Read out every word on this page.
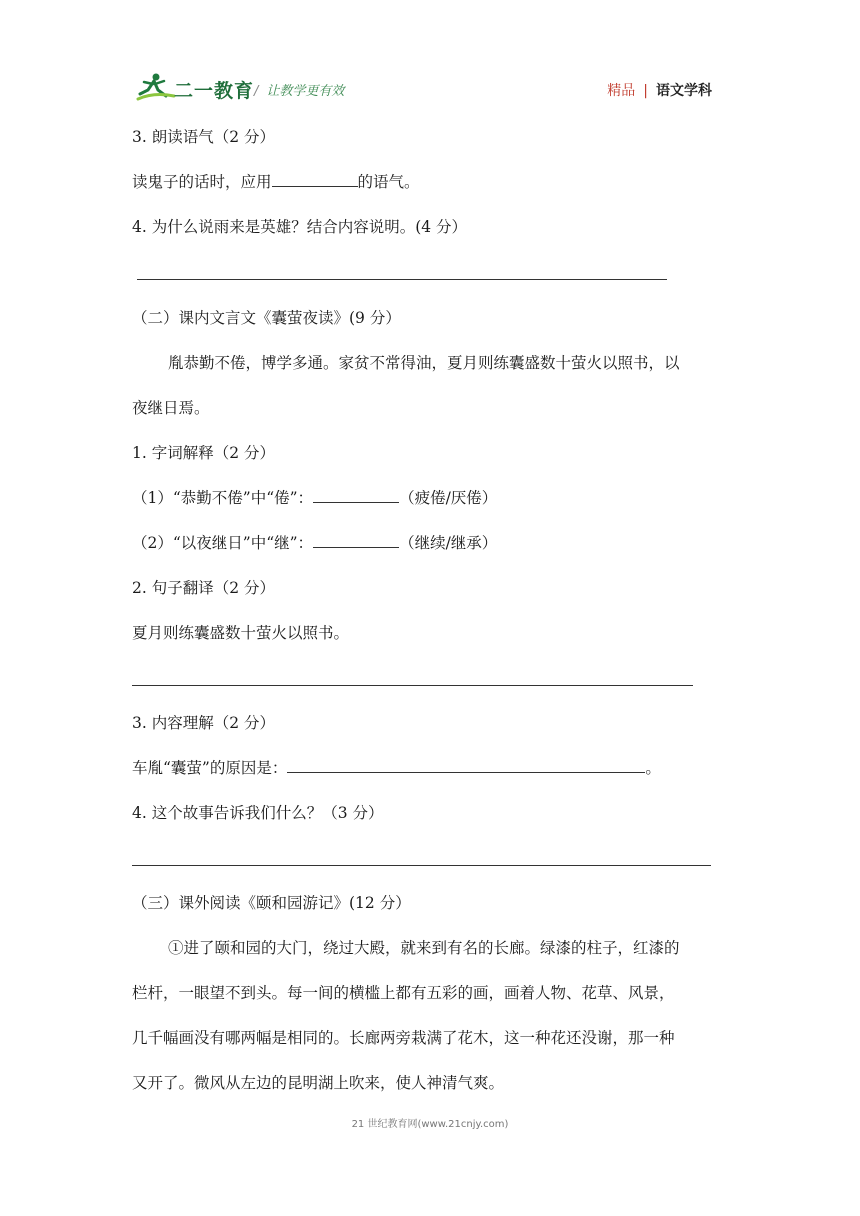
二一教育 / 让教学更有效	精品 | 语文学科
3. 朗读语气（2 分）
读鬼子的话时，应用	的语气。
4. 为什么说雨来是英雄？结合内容说明。(4 分）
（二）课内文言文《囊萤夜读》(9 分）
胤恭勤不倦，博学多通。家贫不常得油，夏月则练囊盛数十萤火以照书，以
夜继日焉。
1. 字词解释（2 分）
（1）“恭勤不倦”中“倦”：	（疲倦/厌倦）
（2）“以夜继日”中“继”：	（继续/继承）
2. 句子翻译（2 分）
夏月则练囊盛数十萤火以照书。
3. 内容理解（2 分）
车胤“囊萤”的原因是：	。
4. 这个故事告诉我们什么？（3 分）
（三）课外阅读《颐和园游记》(12 分）
①进了颐和园的大门，绕过大殿，就来到有名的长廊。绿漆的柱子，红漆的
栏杆，一眼望不到头。每一间的横槛上都有五彩的画，画着人物、花草、风景，
几千幅画没有哪两幅是相同的。长廊两旁栽满了花木，这一种花还没谢，那一种
又开了。微风从左边的昆明湖上吹来，使人神清气爽。
21 世纪教育网(www.21cnjy.com)
